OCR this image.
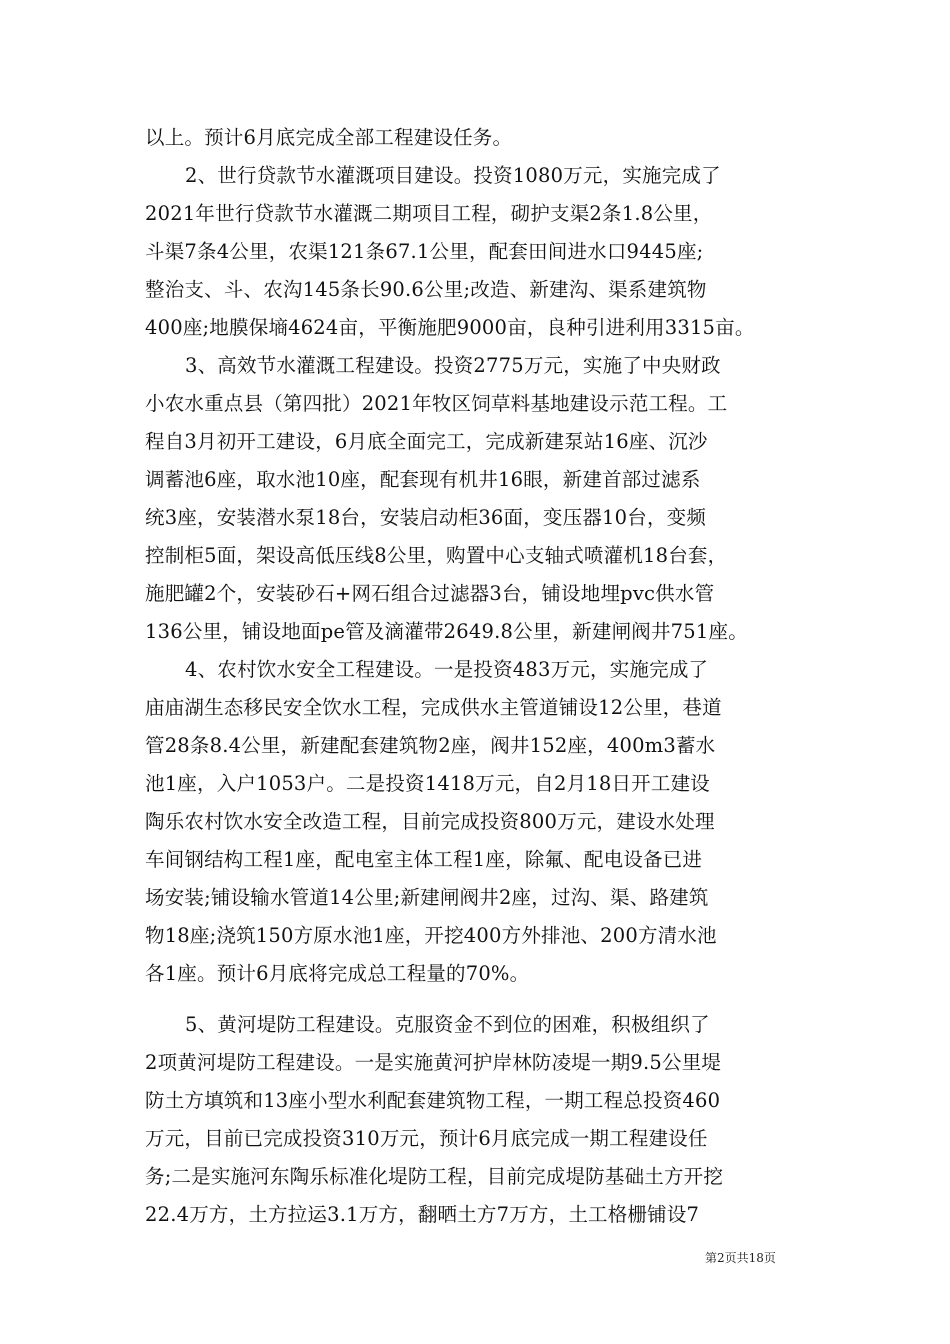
以上。预计6月底完成全部工程建设任务。
2、世行贷款节水灌溉项目建设。投资1080万元，实施完成了
2021年世行贷款节水灌溉二期项目工程，砌护支渠2条1.8公里，
斗渠7条4公里，农渠121条67.1公里，配套田间进水口9445座;
整治支、斗、农沟145条长90.6公里;改造、新建沟、渠系建筑物
400座;地膜保墒4624亩，平衡施肥9000亩，良种引进利用3315亩。
3、高效节水灌溉工程建设。投资2775万元，实施了中央财政
小农水重点县（第四批）2021年牧区饲草料基地建设示范工程。工
程自3月初开工建设，6月底全面完工，完成新建泵站16座、沉沙
调蓄池6座，取水池10座，配套现有机井16眼，新建首部过滤系
统3座，安装潜水泵18台，安装启动柜36面，变压器10台，变频
控制柜5面，架设高低压线8公里，购置中心支轴式喷灌机18台套，
施肥罐2个，安装砂石+网石组合过滤器3台，铺设地埋pvc供水管
136公里，铺设地面pe管及滴灌带2649.8公里，新建闸阀井751座。
4、农村饮水安全工程建设。一是投资483万元，实施完成了
庙庙湖生态移民安全饮水工程，完成供水主管道铺设12公里，巷道
管28条8.4公里，新建配套建筑物2座，阀井152座，400m3蓄水
池1座，入户1053户。二是投资1418万元，自2月18日开工建设
陶乐农村饮水安全改造工程，目前完成投资800万元，建设水处理
车间钢结构工程1座，配电室主体工程1座，除氟、配电设备已进
场安装;铺设输水管道14公里;新建闸阀井2座，过沟、渠、路建筑
物18座;浇筑150方原水池1座，开挖400方外排池、200方清水池
各1座。预计6月底将完成总工程量的70%。
5、黄河堤防工程建设。克服资金不到位的困难，积极组织了
2项黄河堤防工程建设。一是实施黄河护岸林防凌堤一期9.5公里堤
防土方填筑和13座小型水利配套建筑物工程，一期工程总投资460
万元，目前已完成投资310万元，预计6月底完成一期工程建设任
务;二是实施河东陶乐标准化堤防工程，目前完成堤防基础土方开挖
22.4万方，土方拉运3.1万方，翻晒土方7万方，土工格栅铺设7
第2页共18页
